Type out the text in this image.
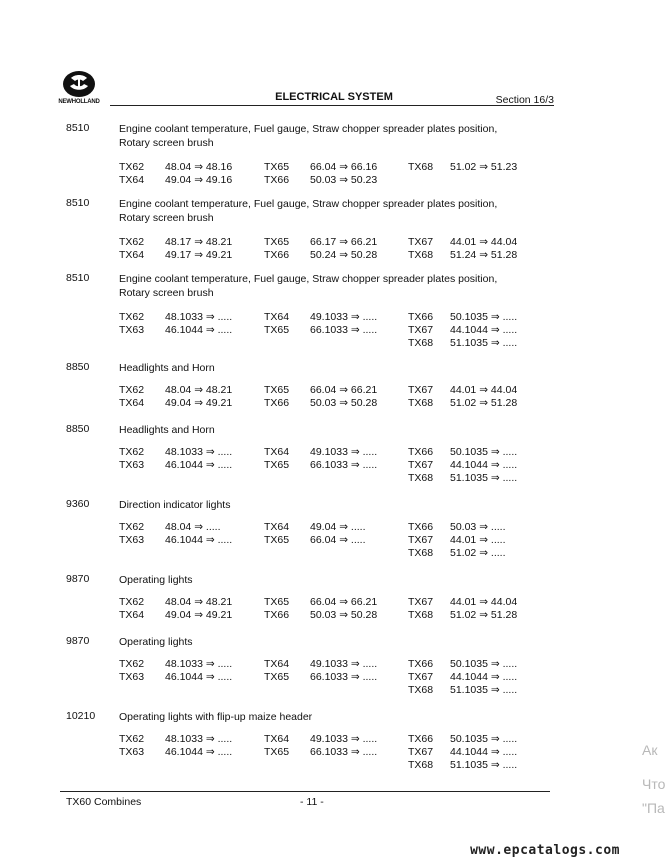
NEWHOLLAND	ELECTRICAL SYSTEM	Section 16/3
8510	Engine coolant temperature, Fuel gauge, Straw chopper spreader plates position, Rotary screen brush
TX62	48.04 ⇒ 48.16	TX65	66.04 ⇒ 66.16	TX68	51.02 ⇒ 51.23
TX64	49.04 ⇒ 49.16	TX66	50.03 ⇒ 50.23
8510	Engine coolant temperature, Fuel gauge, Straw chopper spreader plates position, Rotary screen brush
TX62	48.17 ⇒ 48.21	TX65	66.17 ⇒ 66.21	TX67	44.01 ⇒ 44.04
TX64	49.17 ⇒ 49.21	TX66	50.24 ⇒ 50.28	TX68	51.24 ⇒ 51.28
8510	Engine coolant temperature, Fuel gauge, Straw chopper spreader plates position, Rotary screen brush
TX62	48.1033 ⇒ .....	TX64	49.1033 ⇒ .....	TX66	50.1035 ⇒ .....
TX63	46.1044 ⇒ .....	TX65	66.1033 ⇒ .....	TX67	44.1044 ⇒ .....
TX68	51.1035 ⇒ .....
8850	Headlights and Horn
TX62	48.04 ⇒ 48.21	TX65	66.04 ⇒ 66.21	TX67	44.01 ⇒ 44.04
TX64	49.04 ⇒ 49.21	TX66	50.03 ⇒ 50.28	TX68	51.02 ⇒ 51.28
8850	Headlights and Horn
TX62	48.1033 ⇒ .....	TX64	49.1033 ⇒ .....	TX66	50.1035 ⇒ .....
TX63	46.1044 ⇒ .....	TX65	66.1033 ⇒ .....	TX67	44.1044 ⇒ .....
TX68	51.1035 ⇒ .....
9360	Direction indicator lights
TX62	48.04 ⇒ .....	TX64	49.04 ⇒ .....	TX66	50.03 ⇒ .....
TX63	46.1044 ⇒ .....	TX65	66.04 ⇒ .....	TX67	44.01 ⇒ .....
TX68	51.02 ⇒ .....
9870	Operating lights
TX62	48.04 ⇒ 48.21	TX65	66.04 ⇒ 66.21	TX67	44.01 ⇒ 44.04
TX64	49.04 ⇒ 49.21	TX66	50.03 ⇒ 50.28	TX68	51.02 ⇒ 51.28
9870	Operating lights
TX62	48.1033 ⇒ .....	TX64	49.1033 ⇒ .....	TX66	50.1035 ⇒ .....
TX63	46.1044 ⇒ .....	TX65	66.1033 ⇒ .....	TX67	44.1044 ⇒ .....
TX68	51.1035 ⇒ .....
10210 Operating lights with flip-up maize header
TX62	48.1033 ⇒ .....	TX64	49.1033 ⇒ .....	TX66	50.1035 ⇒ .....
TX63	46.1044 ⇒ .....	TX65	66.1033 ⇒ .....	TX67	44.1044 ⇒ .....
TX68	51.1035 ⇒ .....
TX60 Combines	- 11 -
Ак
Что
"Па
www.epcatalogs.com
